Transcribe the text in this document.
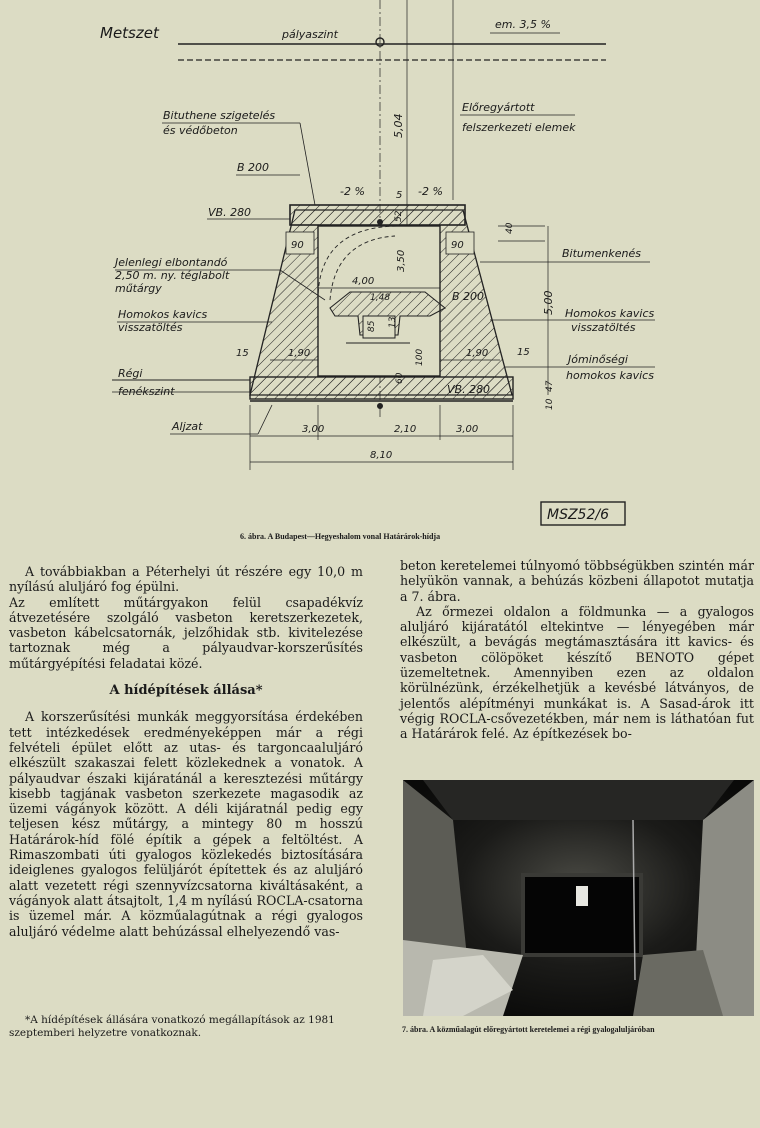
Metszet	pályaszint
em. 3,5 %
Bituthene szigetelés
és védőbeton
Előregyártott
felszerkezeti elemek
5,04
B 200
VB. 280
-2 %	-2 %
5
90	90
52
40
Bitumenkenés
5,00 Homokos kavics
visszatöltés
Jóminőségi
homokos kavics
15
10
47
Jelenlegi elbontandó
2,50 m. ny. téglabolt
műtárgy
Homokos kavics
visszatöltés
15
Régi
fenékszint
Aljzat
4,00
3,50
1,48	B 200
85 13
1,90	1,90
100
60
VB. 280
3,00	2,10	3,00
8,10
MSZ52/6
6. ábra. A Budapest—Hegyeshalom vonal Határárok-hídja

A továbbiakban a Péterhelyi út részére egy 10,0 m nyílású aluljáró fog épülni.

Az említett műtárgyakon felül csapadékvíz átvezetésére szolgáló vasbeton keretszerkezetek, vasbeton kábelcsatornák, jelzőhidak stb. kivitelezése tartoznak még a pályaudvar-korszerűsítés műtárgyépítési feladatai közé.

A hídépítések állása*

A korszerűsítési munkák meggyorsítása érdekében tett intézkedések eredményeképpen már a régi felvételi épület előtt az utas- és targoncaaluljáró elkészült szakaszai felett közlekednek a vonatok. A pályaudvar északi kijáratánál a keresztezési műtárgy kisebb tagjának vasbeton szerkezete magasodik az üzemi vágányok között. A déli kijáratnál pedig egy teljesen kész műtárgy, a mintegy 80 m hosszú Határárok-híd fölé építik a gépek a feltöltést. A Rimaszombati úti gyalogos közlekedés biztosítására ideiglenes gyalogos felüljárót építettek és az aluljáró alatt vezetett régi szennyvízcsatorna kiváltásaként, a vágányok alatt átsajtolt, 1,4 m nyílású ROCLA-csatorna is üzemel már. A közműalagútnak a régi gyalogos aluljáró védelme alatt behúzással elhelyezendő vas-

*A hídépítések állására vonatkozó megállapítások az 1981 szeptemberi helyzetre vonatkoznak.

beton keretelemei túlnyomó többségükben szintén már helyükön vannak, a behúzás közbeni állapotot mutatja a 7. ábra.

Az őrmezei oldalon a földmunka — a gyalogos aluljáró kijáratától eltekintve — lényegében már elkészült, a bevágás megtámasztására itt kavics- és vasbeton cölöpöket készítő BENOTO gépet üzemeltetnek. Amennyiben ezen az oldalon körülnézünk, érzékelhetjük a kevésbé látványos, de jelentős alépítményi munkákat is. A Sasad-árok itt végig ROCLA-csővezetékben, már nem is láthatóan fut a Határárok felé. Az építkezések bo-

7. ábra. A közműalagút előregyártott keretelemei a régi gyalogaluljáróban
